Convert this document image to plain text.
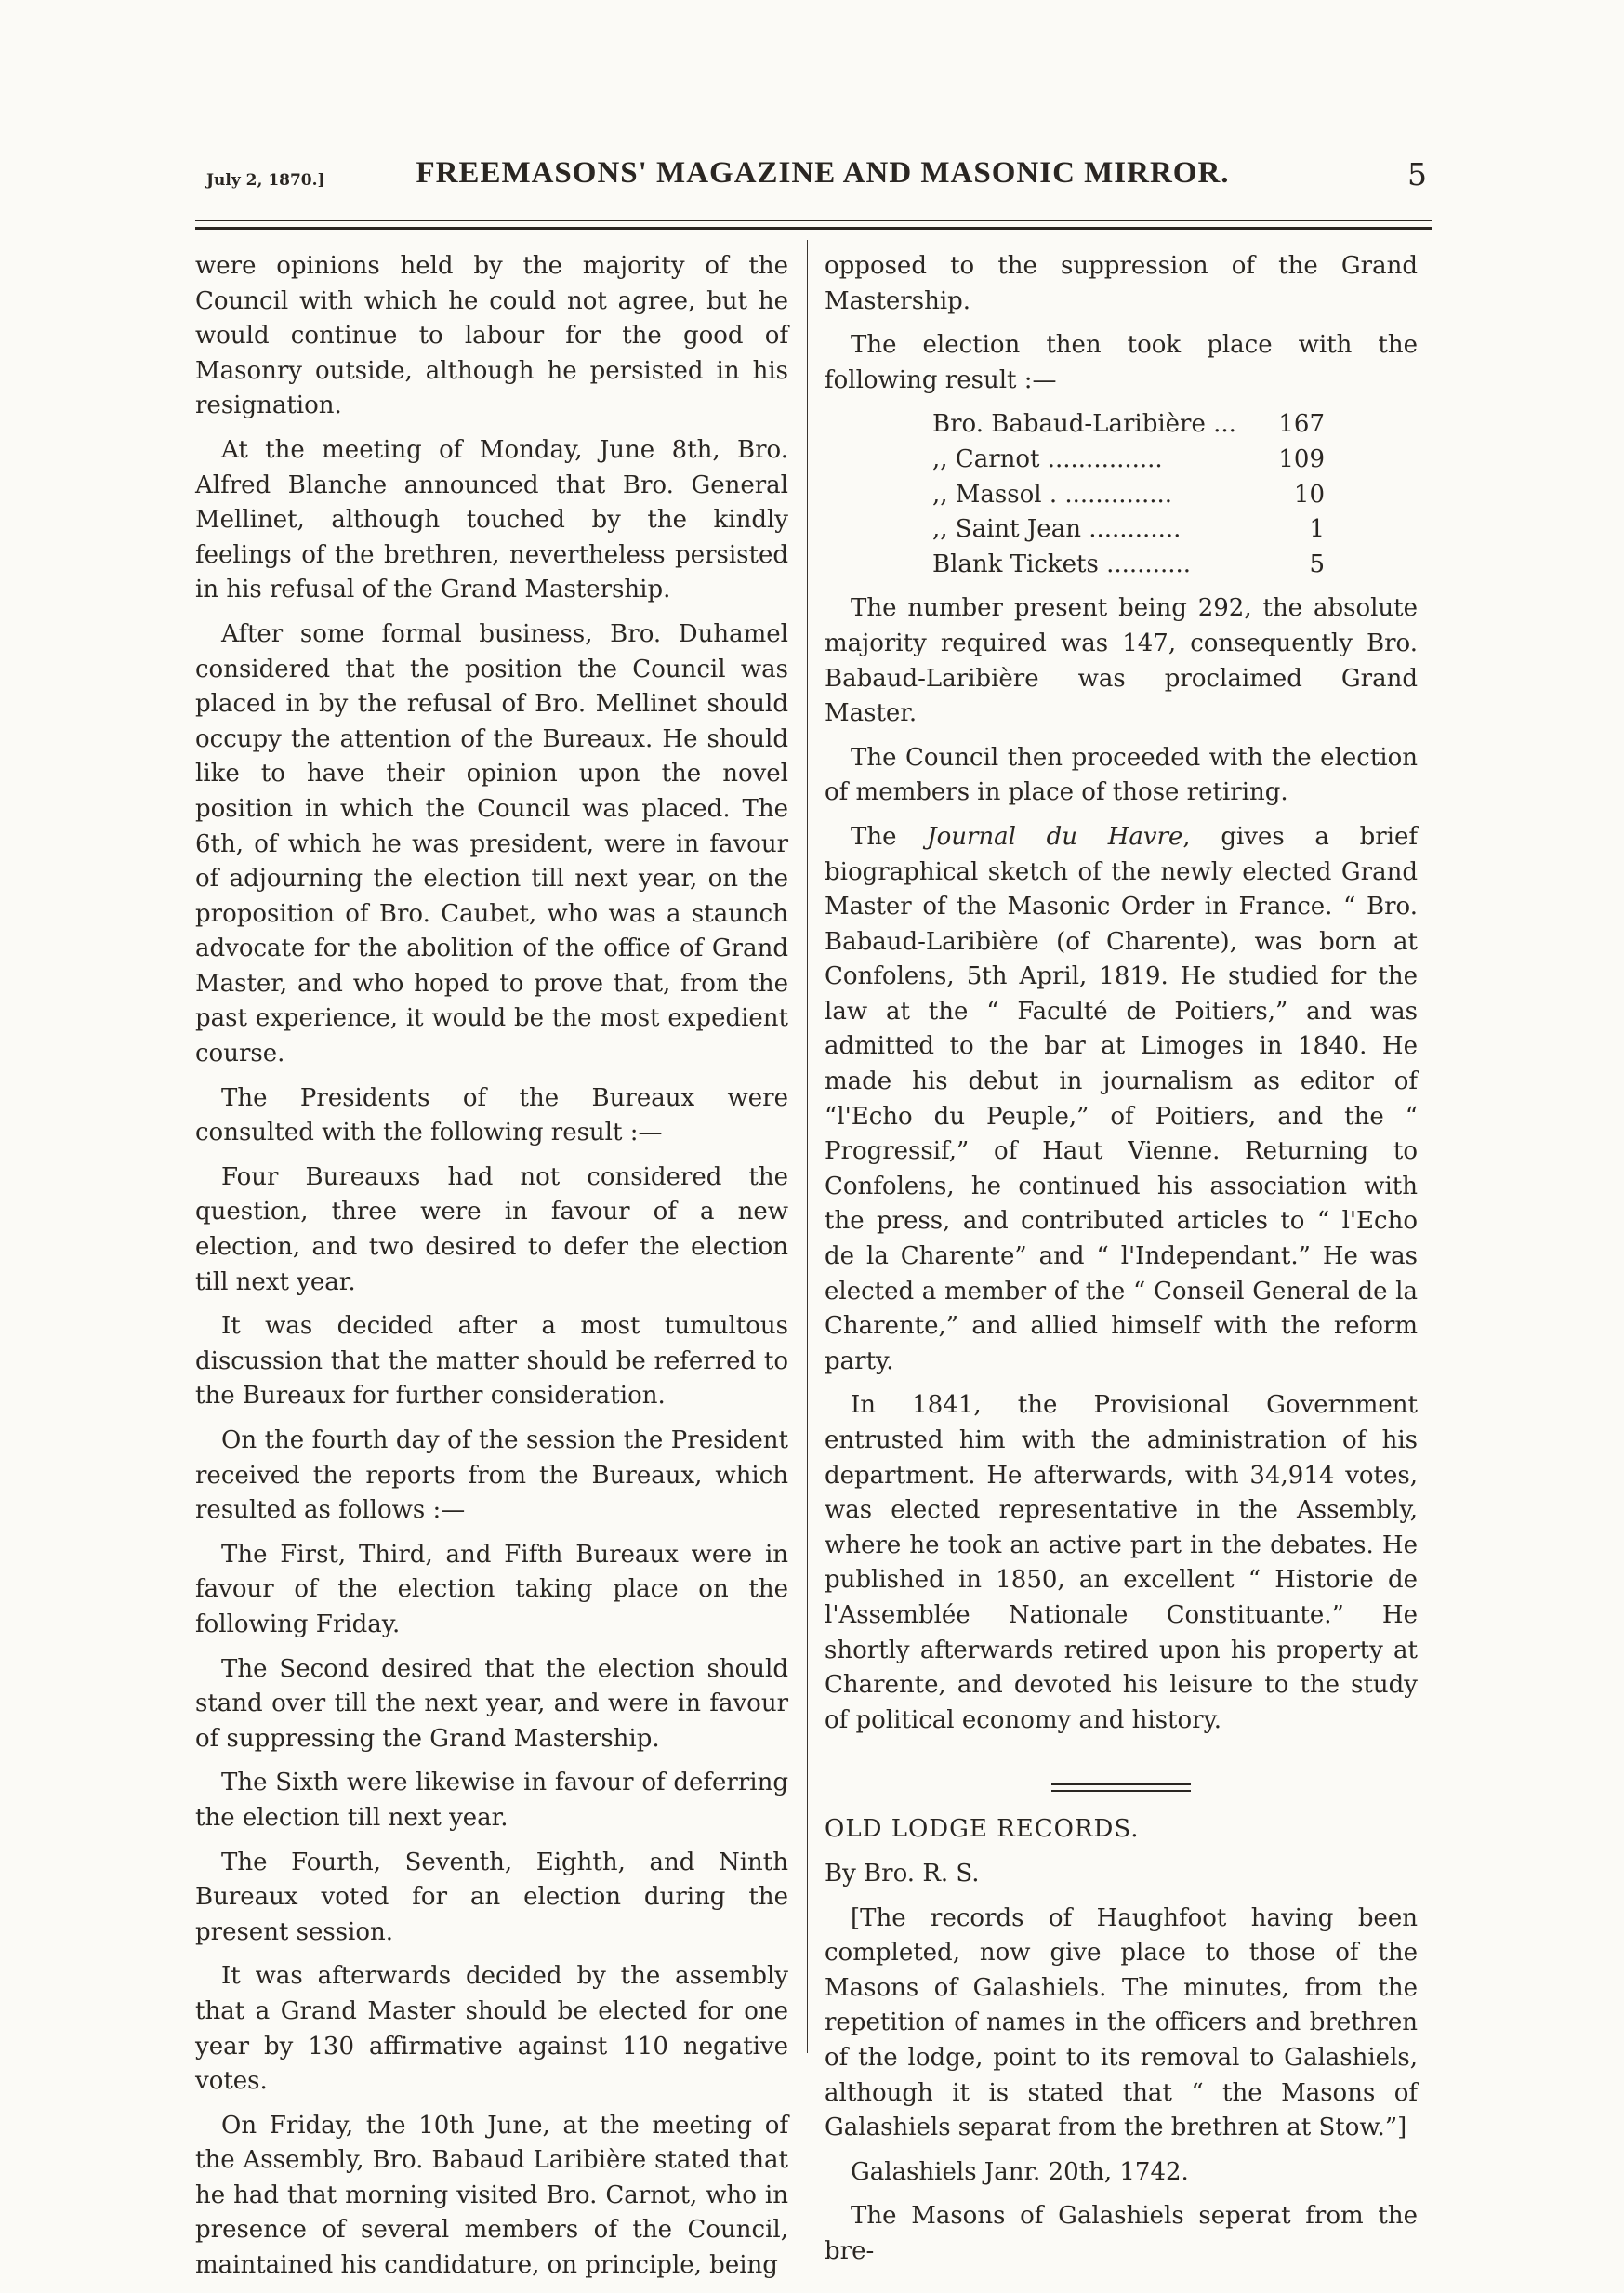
July 2, 1870.]	FREEMASONS' MAGAZINE AND MASONIC MIRROR.	5

were opinions held by the majority of the Council with which he could not agree, but he would continue to labour for the good of Masonry outside, although he persisted in his resignation.

At the meeting of Monday, June 8th, Bro. Alfred Blanche announced that Bro. General Mellinet, although touched by the kindly feelings of the brethren, nevertheless persisted in his refusal of the Grand Mastership.

After some formal business, Bro. Duhamel considered that the position the Council was placed in by the refusal of Bro. Mellinet should occupy the attention of the Bureaux. He should like to have their opinion upon the novel position in which the Council was placed. The 6th, of which he was president, were in favour of adjourning the election till next year, on the proposition of Bro. Caubet, who was a staunch advocate for the abolition of the office of Grand Master, and who hoped to prove that, from the past experience, it would be the most expedient course.

The Presidents of the Bureaux were consulted with the following result :—

Four Bureauxs had not considered the question, three were in favour of a new election, and two desired to defer the election till next year.

It was decided after a most tumultous discussion that the matter should be referred to the Bureaux for further consideration.

On the fourth day of the session the President received the reports from the Bureaux, which resulted as follows :—

The First, Third, and Fifth Bureaux were in favour of the election taking place on the following Friday.

The Second desired that the election should stand over till the next year, and were in favour of suppressing the Grand Mastership.

The Sixth were likewise in favour of deferring the election till next year.

The Fourth, Seventh, Eighth, and Ninth Bureaux voted for an election during the present session.

It was afterwards decided by the assembly that a Grand Master should be elected for one year by 130 affirmative against 110 negative votes.

On Friday, the 10th June, at the meeting of the Assembly, Bro. Babaud Laribière stated that he had that morning visited Bro. Carnot, who in presence of several members of the Council, maintained his candidature, on principle, being

opposed to the suppression of the Grand Mastership.

The election then took place with the following result :—

Bro. Babaud-Laribière ... 167
,, Carnot ...............	109
,, Massol . ..............	10
,, Saint Jean ............	1
Blank Tickets ...........	5

The number present being 292, the absolute majority required was 147, consequently Bro. Babaud-Laribière was proclaimed Grand Master.

The Council then proceeded with the election of members in place of those retiring.

The Journal du Havre, gives a brief biographical sketch of the newly elected Grand Master of the Masonic Order in France. “ Bro. Babaud-Laribière (of Charente), was born at Confolens, 5th April, 1819. He studied for the law at the “ Faculté de Poitiers,” and was admitted to the bar at Limoges in 1840. He made his debut in journalism as editor of “l'Echo du Peuple,” of Poitiers, and the “ Progressif,” of Haut Vienne. Returning to Confolens, he continued his association with the press, and contributed articles to “ l'Echo de la Charente” and “ l'Independant.” He was elected a member of the “ Conseil General de la Charente,” and allied himself with the reform party.

In 1841, the Provisional Government entrusted him with the administration of his department. He afterwards, with 34,914 votes, was elected representative in the Assembly, where he took an active part in the debates. He published in 1850, an excellent “ Historie de l'Assemblée Nationale Constituante.” He shortly afterwards retired upon his property at Charente, and devoted his leisure to the study of political economy and history.

OLD LODGE RECORDS.

By Bro. R. S.

[The records of Haughfoot having been completed, now give place to those of the Masons of Galashiels. The minutes, from the repetition of names in the officers and brethren of the lodge, point to its removal to Galashiels, although it is stated that “ the Masons of Galashiels separat from the brethren at Stow.”]

Galashiels Janr. 20th, 1742.

The Masons of Galashiels seperat from the bre-
